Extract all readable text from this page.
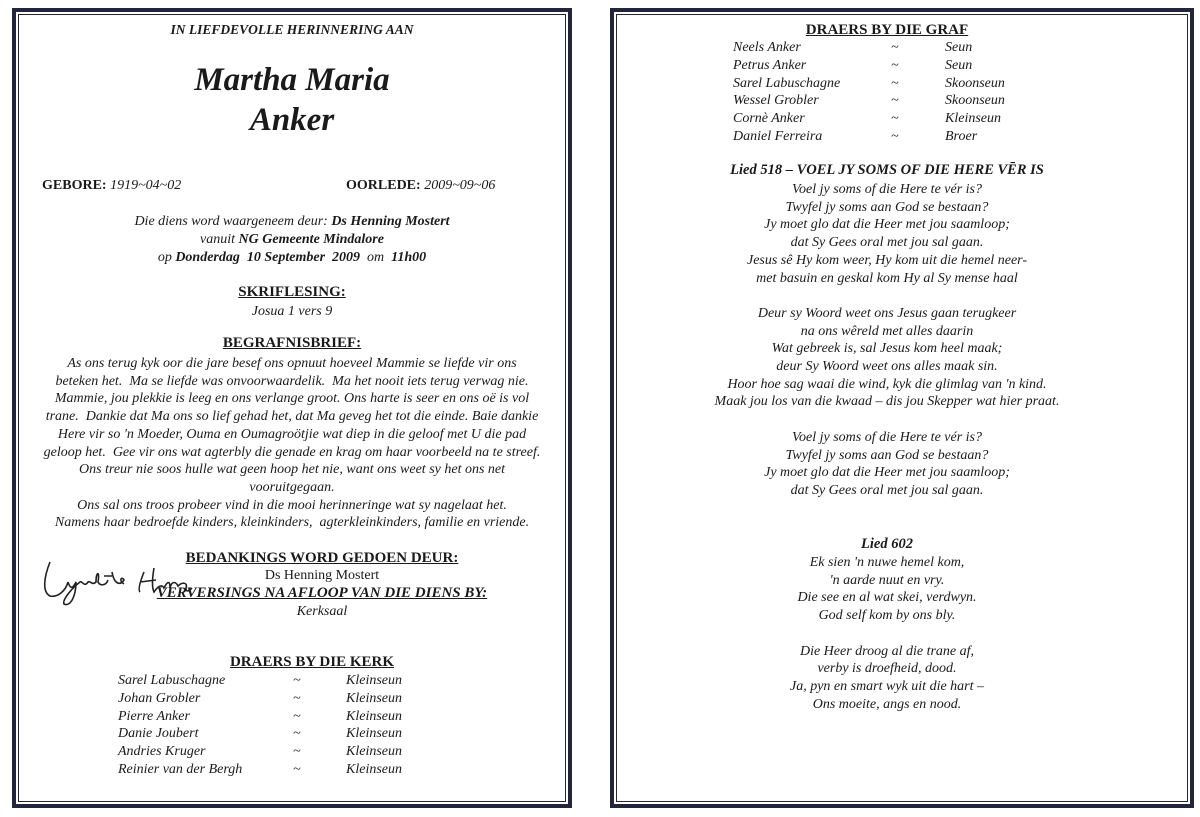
IN LIEFDEVOLLE HERINNERING AAN
Martha Maria
Anker
GEBORE: 1919~04~02	OORLEDE: 2009~09~06
Die diens word waargeneem deur: Ds Henning Mostert
vanuit NG Gemeente Mindalore
op Donderdag  10 September  2009 om 11h00
SKRIFLESING:
Josua 1 vers 9
BEGRAFNISBRIEF:
As ons terug kyk oor die jare besef ons opnuut hoeveel Mammie se liefde vir ons
beteken het.  Ma se liefde was onvoorwaardelik.  Ma het nooit iets terug verwag nie.
Mammie, jou plekkie is leeg en ons verlange groot. Ons harte is seer en ons oë is vol
trane.  Dankie dat Ma ons so lief gehad het, dat Ma geveg het tot die einde. Baie dankie
Here vir so 'n Moeder, Ouma en Oumagroötjie wat diep in die geloof met U die pad
geloop het.  Gee vir ons wat agterbly die genade en krag om haar voorbeeld na te streef.
Ons treur nie soos hulle wat geen hoop het nie, want ons weet sy het ons net
vooruitgegaan.
Ons sal ons troos probeer vind in die mooi herinneringe wat sy nagelaat het.
Namens haar bedroefde kinders, kleinkinders,  agterkleinkinders, familie en vriende.
BEDANKINGS WORD GEDOEN DEUR:
Ds Henning Mostert
VERVERSINGS NA AFLOOP VAN DIE DIENS BY:
Kerksaal
DRAERS BY DIE KERK
Sarel Labuschagne	~	Kleinseun
Johan Grobler	~	Kleinseun
Pierre Anker	~	Kleinseun
Danie Joubert	~	Kleinseun
Andries Kruger	~	Kleinseun
Reinier van der Bergh	~	Kleinseun
DRAERS BY DIE GRAF
Neels Anker	~	Seun
Petrus Anker	~	Seun
Sarel Labuschagne	~	Skoonseun
Wessel Grobler	~	Skoonseun
Cornè Anker	~	Kleinseun
Daniel Ferreira	~	Broer
Lied 518 – VOEL JY SOMS OF DIE HERE VĒR IS
Voel jy soms of die Here te vér is?
Twyfel jy soms aan God se bestaan?
Jy moet glo dat die Heer met jou saamloop;
dat Sy Gees oral met jou sal gaan.
Jesus sê Hy kom weer, Hy kom uit die hemel neer-
met basuin en geskal kom Hy al Sy mense haal
Deur sy Woord weet ons Jesus gaan terugkeer
na ons wêreld met alles daarin
Wat gebreek is, sal Jesus kom heel maak;
deur Sy Woord weet ons alles maak sin.
Hoor hoe sag waai die wind, kyk die glimlag van 'n kind.
Maak jou los van die kwaad – dis jou Skepper wat hier praat.
Voel jy soms of die Here te vér is?
Twyfel jy soms aan God se bestaan?
Jy moet glo dat die Heer met jou saamloop;
dat Sy Gees oral met jou sal gaan.
Lied 602
Ek sien 'n nuwe hemel kom,
'n aarde nuut en vry.
Die see en al wat skei, verdwyn.
God self kom by ons bly.
Die Heer droog al die trane af,
verby is droefheid, dood.
Ja, pyn en smart wyk uit die hart –
Ons moeite, angs en nood.
